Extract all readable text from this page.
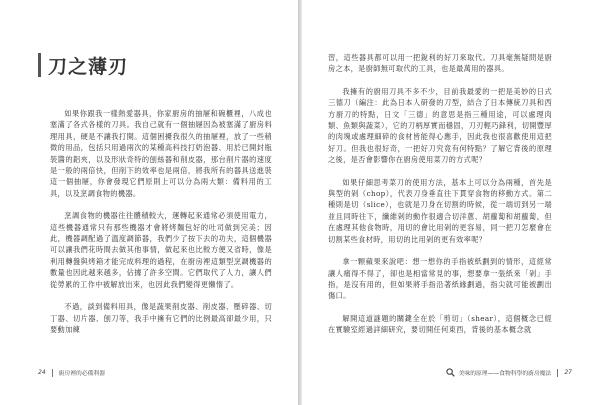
刀之薄刃

如果你跟我一樣熱愛器具，你家廚房的抽屜和碗櫃裡，八成也塞滿了各式各樣的刀具。我自己就有一個抽屜因為被塞滿了廚房料理用具，硬是不讓我打開。這個困擾我很久的抽屜裡，放了一些稍微的用品，包括只用過兩次的某種高科技打奶泡器、用於已開封瓶裝醬的鋁夾，以及形狀奇特的刨絲器和削皮器，那台削片器的速度是一般的兩倍快，但削下的效率也是兩倍，將我所有的器具送進裝這一個抽屜，你會發現它們原則上可以分為兩大類：備料用的工具，以及烹調食物的機器。

烹調食物的機器往往體積較大，運轉起來通常必須使用電力，這些機器通常只有那些機器才會將烤麵包好的吐司做到完美；因此，機器調配過了溫度調節器，我們少了按下去的功夫，這個機器可以讓我們花時間去做其他事情，做起來也比較方便又省時，像是利用轉盤與烤箱才能完成料理的過程，在廚房裡這類型烹調機器的數量也因此越來越多，佔據了許多空間。它們取代了人力，讓人們從勞累的工作中被解放出來，也因此我們變得更懶惰了。

不過，談到備料用具，像是蔬果削皮器、削皮器、壓碎器、切丁器、切片器、刨刀等，我手中擁有它們的比例最高卻最少用，只要動加練

24 廚房裡的必備利器

習，這些器具都可以用一把銳利的好刀來取代。刀具毫無疑問是廚房之本，是廚師無可取代的工具，也是最萬用的器具。

我擁有的廚用刀具不多不少，目前我最愛的一把是美妙的日式三德刀（編注：此為日本人研發的刀型，結合了日本傳統刀具和西方廚刀的特點，日文「三德」的意思是指三種用途，可以處理肉類、魚類與蔬菜），它的刀柄厚實而穩固，刀刃輕巧鋒利，切開豐厚的肉塊或處理細碎的食材皆能得心應手，因此我也很喜歡使用這把好刀。但我也很好奇，一把好刀究竟有何特點？了解它背後的原理之後，是否會影響你在廚房使用菜刀的方式呢？

如果仔細思考菜刀的使用方法，基本上可以分為兩種，首先是與型的剁（chop），代表刀身垂直往下貫穿食物的移動方式。第二種則是切（slice），也就是刀身在切割的時候，從一端切到另一端並且同時往下，纖維剁的動作很適合切洋蔥、胡蘿蔔和胡蘿蔔，但在處理其他食物時，用切的會比用剁的更容易，同一把刀怎麼會在切割某些食材時，用切的比用剁的更有效率呢？

拿一顆蘋果來說吧：想一想你的手指被紙劃到的情形，這經常讓人痛得不得了，卻也是相當常見的事，想要拿一張紙來「剁」手指，是沒有用的，但如果將手指沿著紙緣劃過，指尖就可能被劃出傷口。

解開這道謎題的關鍵全在於「剪切」（shear），這個概念已經在實驗室經過詳細研究，要切開任何東西，背後的基本概念就

美味的原理——食物科學的廚房魔法 27
